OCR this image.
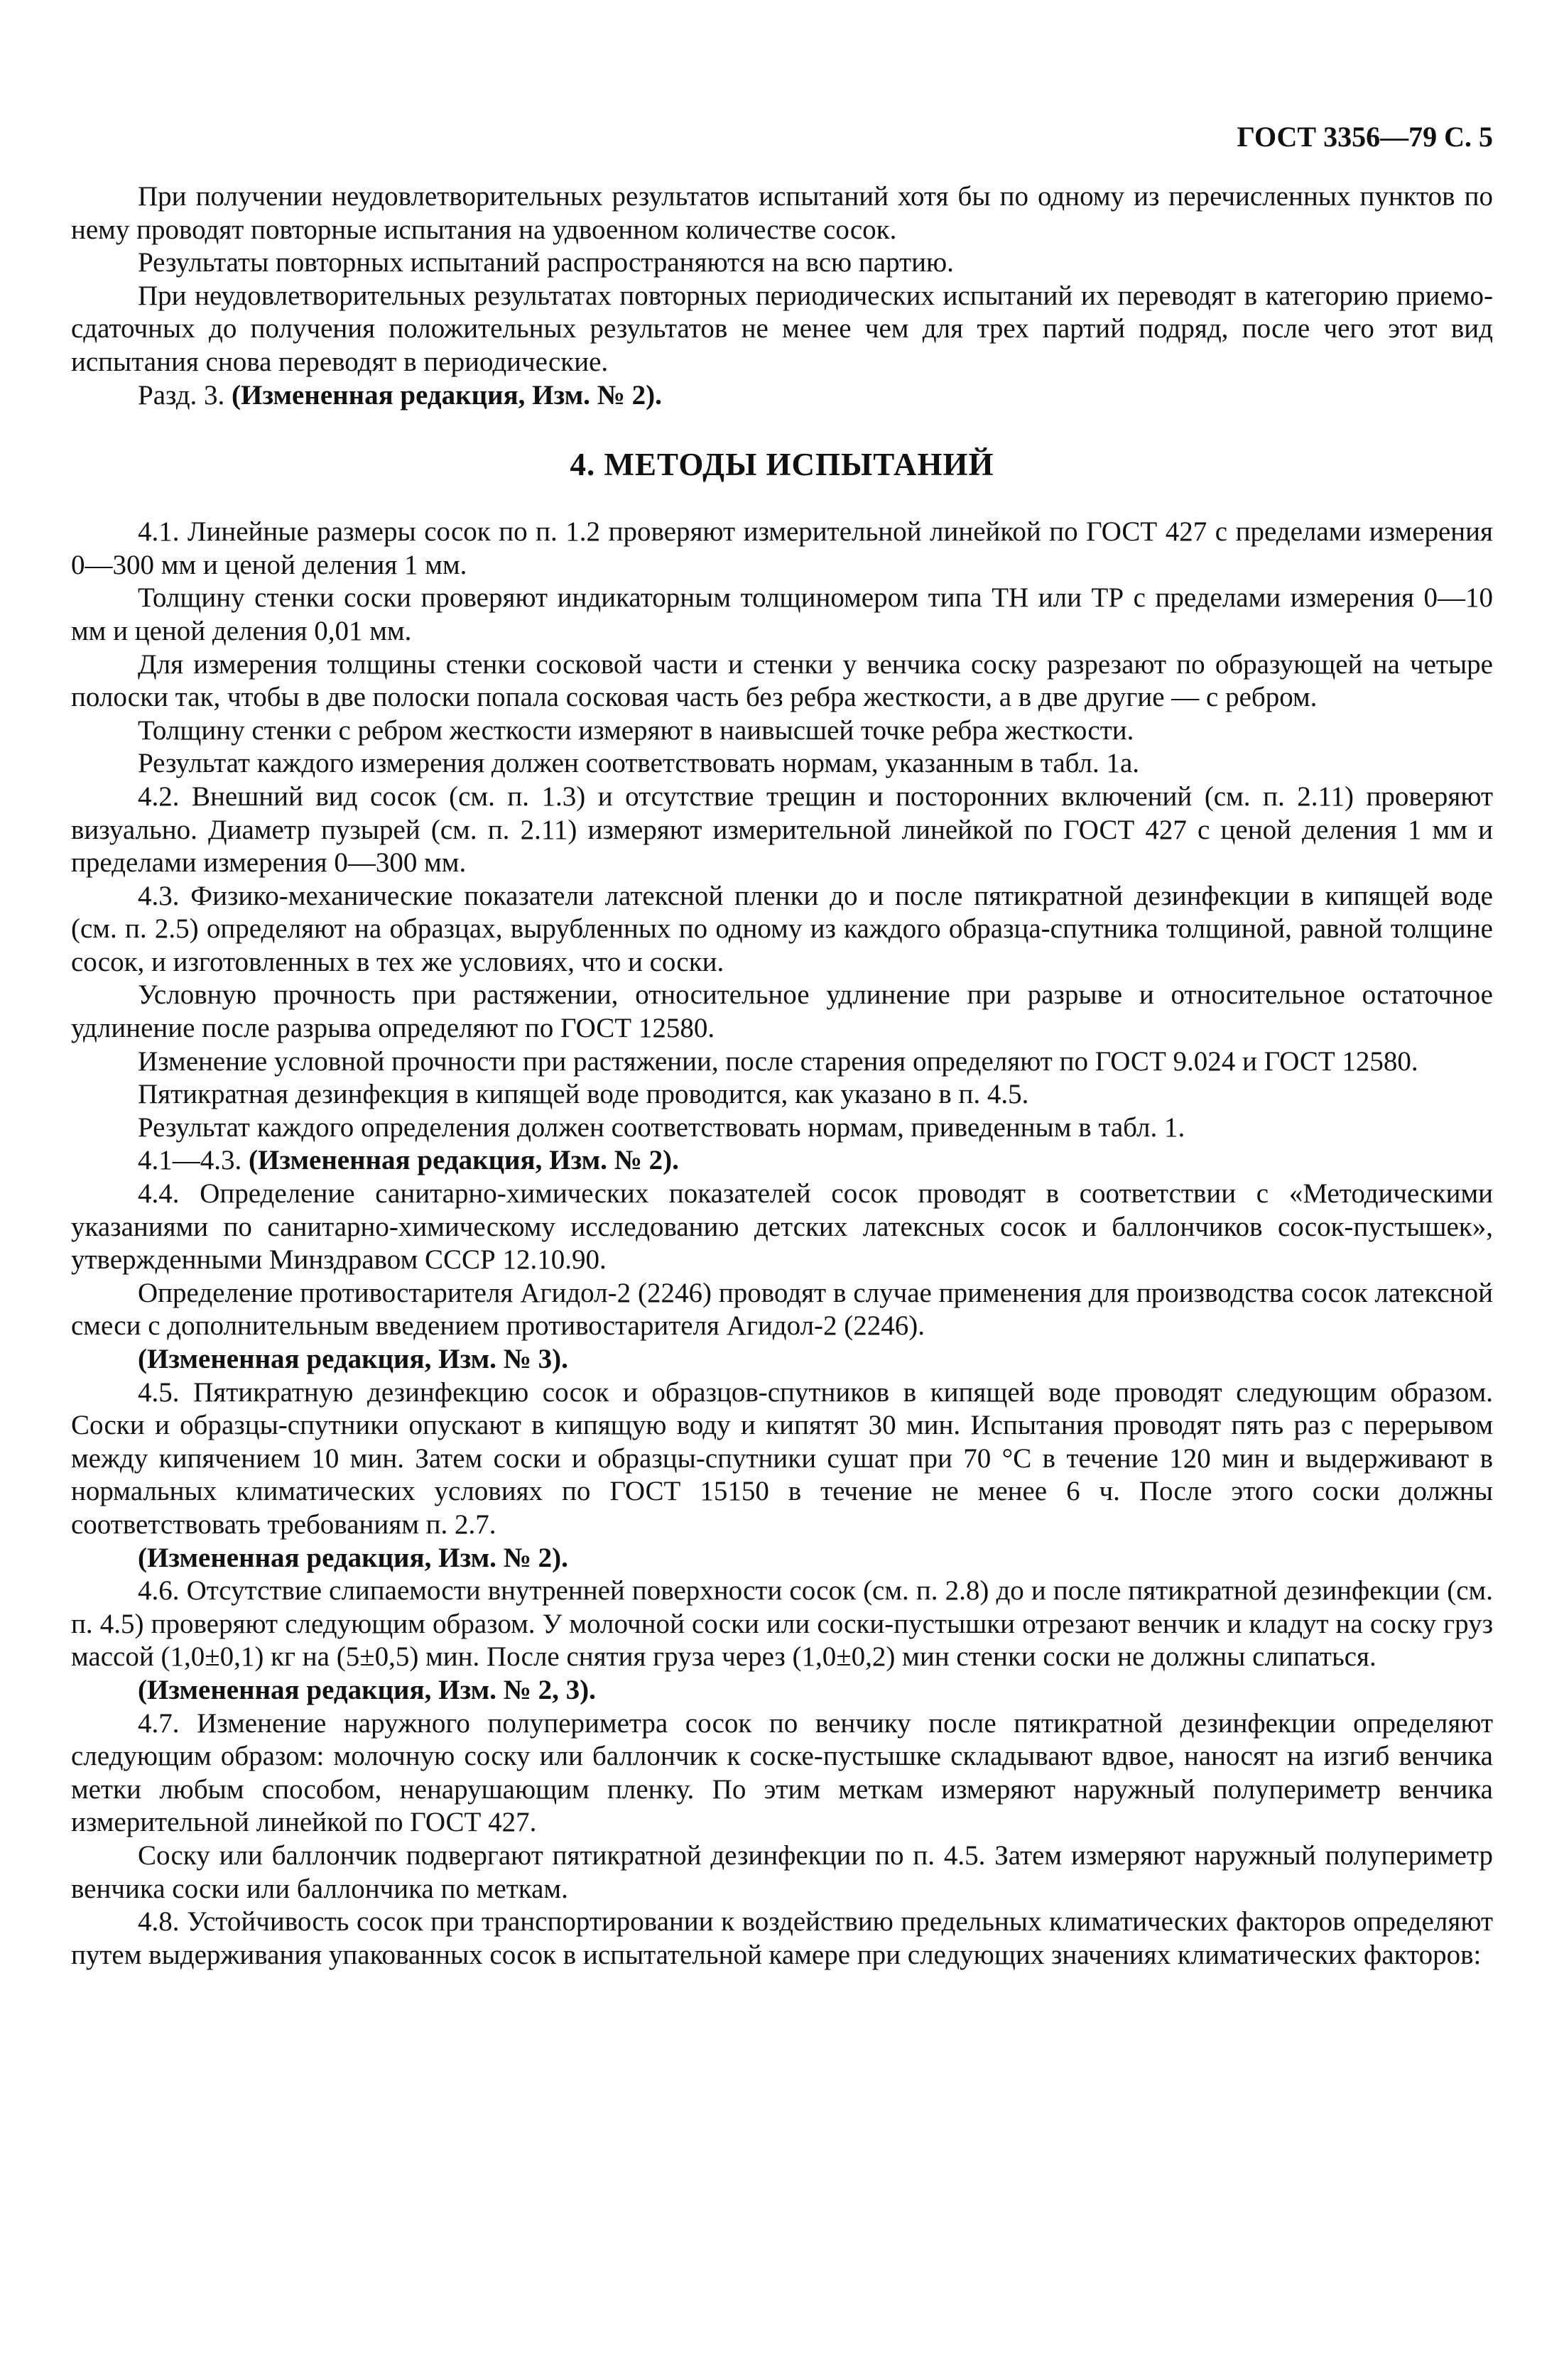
ГОСТ 3356—79 С. 5

При получении неудовлетворительных результатов испытаний хотя бы по одному из перечисленных пунктов по нему проводят повторные испытания на удвоенном количестве сосок.

Результаты повторных испытаний распространяются на всю партию.

При неудовлетворительных результатах повторных периодических испытаний их переводят в категорию приемо-сдаточных до получения положительных результатов не менее чем для трех партий подряд, после чего этот вид испытания снова переводят в периодические.

Разд. 3. (Измененная редакция, Изм. № 2).

4. МЕТОДЫ ИСПЫТАНИЙ

4.1. Линейные размеры сосок по п. 1.2 проверяют измерительной линейкой по ГОСТ 427 с пределами измерения 0—300 мм и ценой деления 1 мм.

Толщину стенки соски проверяют индикаторным толщиномером типа ТН или ТР с пределами измерения 0—10 мм и ценой деления 0,01 мм.

Для измерения толщины стенки сосковой части и стенки у венчика соску разрезают по образующей на четыре полоски так, чтобы в две полоски попала сосковая часть без ребра жесткости, а в две другие — с ребром.

Толщину стенки с ребром жесткости измеряют в наивысшей точке ребра жесткости.

Результат каждого измерения должен соответствовать нормам, указанным в табл. 1а.

4.2. Внешний вид сосок (см. п. 1.3) и отсутствие трещин и посторонних включений (см. п. 2.11) проверяют визуально. Диаметр пузырей (см. п. 2.11) измеряют измерительной линейкой по ГОСТ 427 с ценой деления 1 мм и пределами измерения 0—300 мм.

4.3. Физико-механические показатели латексной пленки до и после пятикратной дезинфекции в кипящей воде (см. п. 2.5) определяют на образцах, вырубленных по одному из каждого образца-спутника толщиной, равной толщине сосок, и изготовленных в тех же условиях, что и соски.

Условную прочность при растяжении, относительное удлинение при разрыве и относительное остаточное удлинение после разрыва определяют по ГОСТ 12580.

Изменение условной прочности при растяжении, после старения определяют по ГОСТ 9.024 и ГОСТ 12580.

Пятикратная дезинфекция в кипящей воде проводится, как указано в п. 4.5.

Результат каждого определения должен соответствовать нормам, приведенным в табл. 1.

4.1—4.3. (Измененная редакция, Изм. № 2).

4.4. Определение санитарно-химических показателей сосок проводят в соответствии с «Методическими указаниями по санитарно-химическому исследованию детских латексных сосок и баллончиков сосок-пустышек», утвержденными Минздравом СССР 12.10.90.

Определение противостарителя Агидол-2 (2246) проводят в случае применения для производства сосок латексной смеси с дополнительным введением противостарителя Агидол-2 (2246).

(Измененная редакция, Изм. № 3).

4.5. Пятикратную дезинфекцию сосок и образцов-спутников в кипящей воде проводят следующим образом. Соски и образцы-спутники опускают в кипящую воду и кипятят 30 мин. Испытания проводят пять раз с перерывом между кипячением 10 мин. Затем соски и образцы-спутники сушат при 70 °С в течение 120 мин и выдерживают в нормальных климатических условиях по ГОСТ 15150 в течение не менее 6 ч. После этого соски должны соответствовать требованиям п. 2.7.

(Измененная редакция, Изм. № 2).

4.6. Отсутствие слипаемости внутренней поверхности сосок (см. п. 2.8) до и после пятикратной дезинфекции (см. п. 4.5) проверяют следующим образом. У молочной соски или соски-пустышки отрезают венчик и кладут на соску груз массой (1,0±0,1) кг на (5±0,5) мин. После снятия груза через (1,0±0,2) мин стенки соски не должны слипаться.

(Измененная редакция, Изм. № 2, 3).

4.7. Изменение наружного полупериметра сосок по венчику после пятикратной дезинфекции определяют следующим образом: молочную соску или баллончик к соске-пустышке складывают вдвое, наносят на изгиб венчика метки любым способом, ненарушающим пленку. По этим меткам измеряют наружный полупериметр венчика измерительной линейкой по ГОСТ 427.

Соску или баллончик подвергают пятикратной дезинфекции по п. 4.5. Затем измеряют наружный полупериметр венчика соски или баллончика по меткам.

4.8. Устойчивость сосок при транспортировании к воздействию предельных климатических факторов определяют путем выдерживания упакованных сосок в испытательной камере при следующих значениях климатических факторов:
